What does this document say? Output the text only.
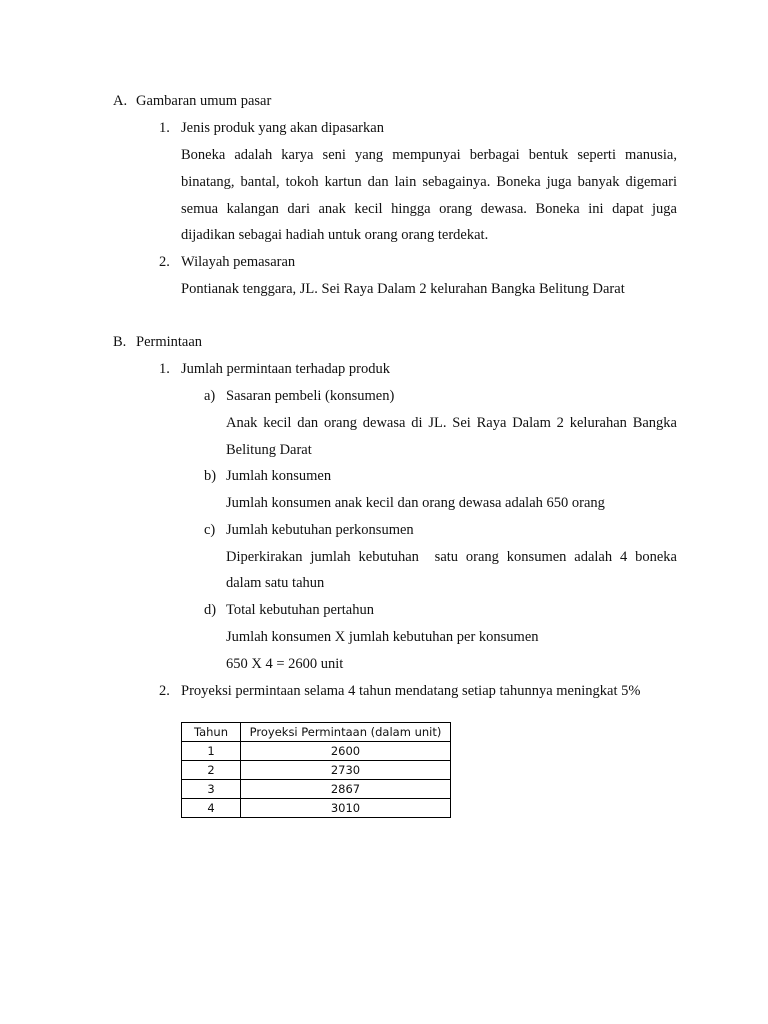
A. Gambaran umum pasar
1. Jenis produk yang akan dipasarkan
Boneka adalah karya seni yang mempunyai berbagai bentuk seperti manusia,
binatang, bantal, tokoh kartun dan lain sebagainya. Boneka juga banyak digemari
semua kalangan dari anak kecil hingga orang dewasa. Boneka ini dapat juga
dijadikan sebagai hadiah untuk orang orang terdekat.
2. Wilayah pemasaran
Pontianak tenggara, JL. Sei Raya Dalam 2 kelurahan Bangka Belitung Darat
B. Permintaan
1. Jumlah permintaan terhadap produk
a) Sasaran pembeli (konsumen)
Anak kecil dan orang dewasa di JL. Sei Raya Dalam 2 kelurahan Bangka
Belitung Darat
b) Jumlah konsumen
Jumlah konsumen anak kecil dan orang dewasa adalah 650 orang
c) Jumlah kebutuhan perkonsumen
Diperkirakan jumlah kebutuhan  satu orang konsumen adalah 4 boneka
dalam satu tahun
d) Total kebutuhan pertahun
Jumlah konsumen X jumlah kebutuhan per konsumen
650 X 4 = 2600 unit
2. Proyeksi permintaan selama 4 tahun mendatang setiap tahunnya meningkat 5%
Tahun	Proyeksi Permintaan (dalam unit)
1	2600
2	2730
3	2867
4	3010
